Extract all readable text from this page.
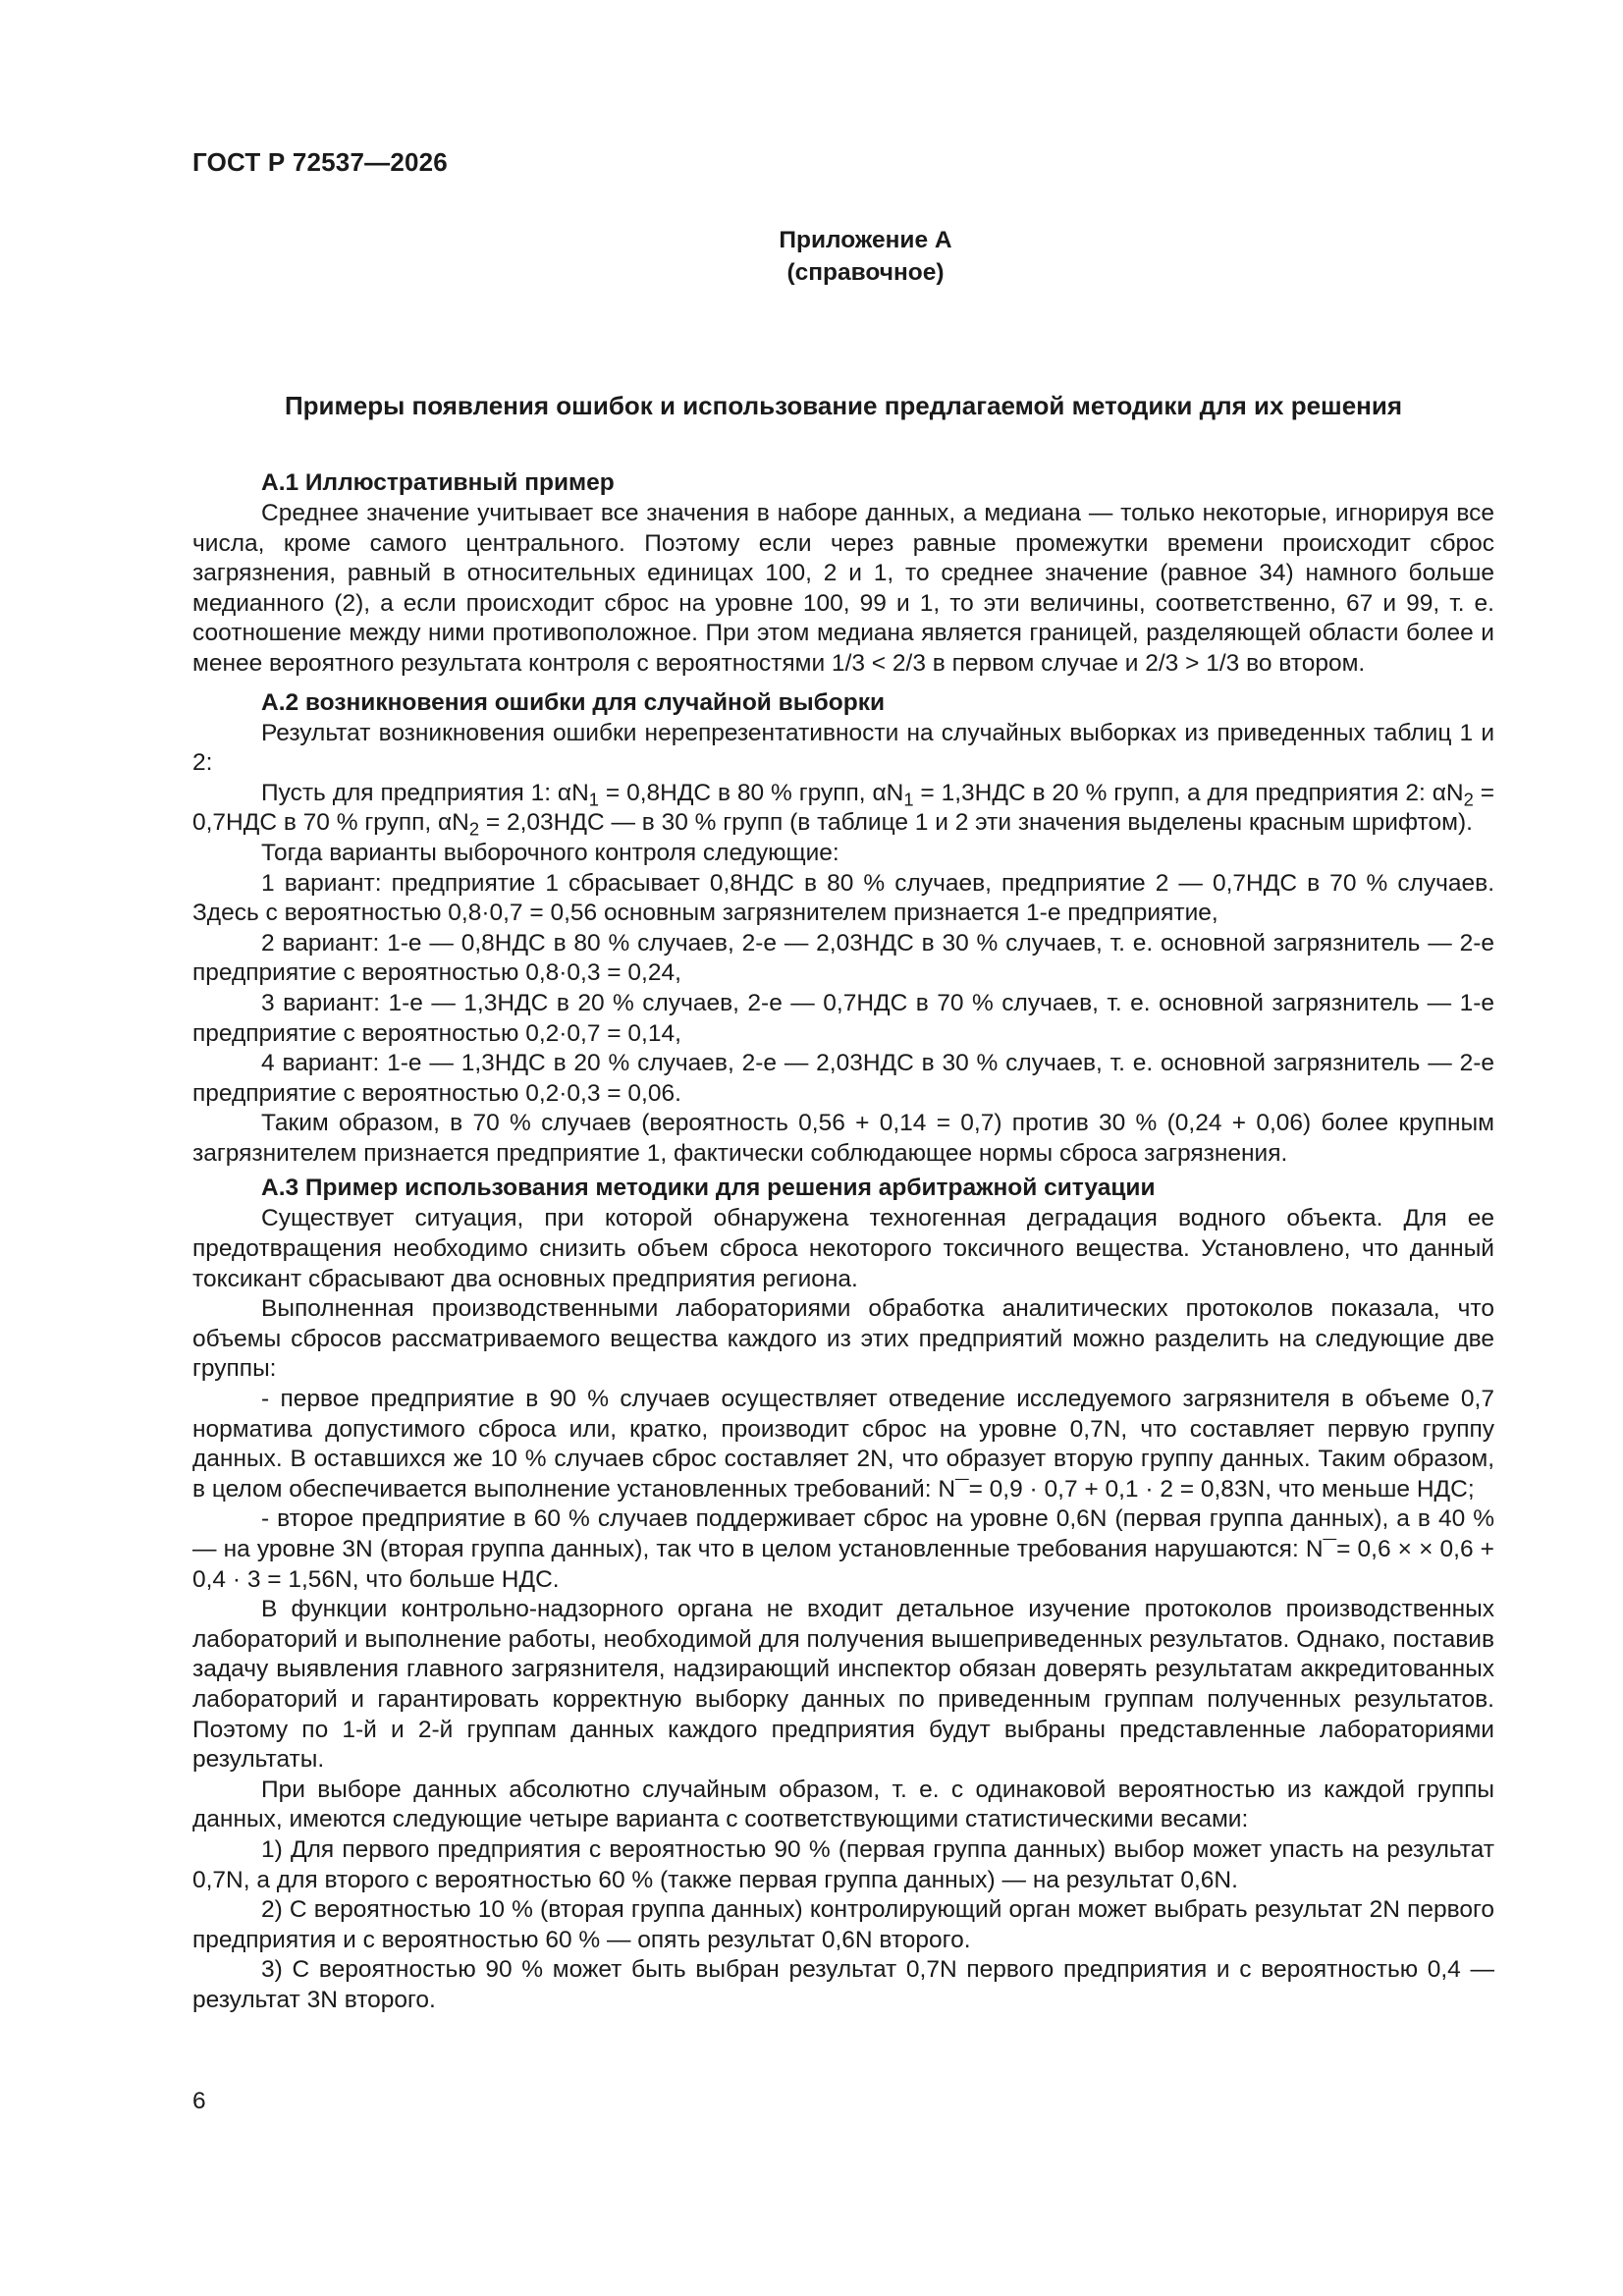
ГОСТ Р 72537—2026
Приложение А
(справочное)
Примеры появления ошибок и использование предлагаемой методики для их решения
А.1 Иллюстративный пример

Среднее значение учитывает все значения в наборе данных, а медиана — только некоторые, игнорируя все числа, кроме самого центрального. Поэтому если через равные промежутки времени происходит сброс загрязнения, равный в относительных единицах 100, 2 и 1, то среднее значение (равное 34) намного больше медианного (2), а если происходит сброс на уровне 100, 99 и 1, то эти величины, соответственно, 67 и 99, т. е. соотношение между ними противоположное. При этом медиана является границей, разделяющей области более и менее вероятного результата контроля с вероятностями 1/3 < 2/3 в первом случае и 2/3 > 1/3 во втором.

А.2 возникновения ошибки для случайной выборки

Результат возникновения ошибки нерепрезентативности на случайных выборках из приведенных таблиц 1 и 2:

Пусть для предприятия 1: $\alpha N_1 = 0,8НДС$ в 80 % групп, $\alpha N_1 = 1,3НДС$ в 20 % групп, а для предприятия 2: $\alpha N_2 = 0,7НДС$ в 70 % групп, $\alpha N_2 = 2,03НДС$ — в 30 % групп (в таблице 1 и 2 эти значения выделены красным шрифтом).

Тогда варианты выборочного контроля следующие:

1 вариант: предприятие 1 сбрасывает 0,8НДС в 80 % случаев, предприятие 2 — 0,7НДС в 70 % случаев. Здесь с вероятностью 0,8·0,7 = 0,56 основным загрязнителем признается 1-е предприятие,

2 вариант: 1-е — 0,8НДС в 80 % случаев, 2-е — 2,03НДС в 30 % случаев, т. е. основной загрязнитель — 2-е предприятие с вероятностью 0,8·0,3 = 0,24,

3 вариант: 1-е — 1,3НДС в 20 % случаев, 2-е — 0,7НДС в 70 % случаев, т. е. основной загрязнитель — 1-е предприятие с вероятностью 0,2·0,7 = 0,14,

4 вариант: 1-е — 1,3НДС в 20 % случаев, 2-е — 2,03НДС в 30 % случаев, т. е. основной загрязнитель — 2-е предприятие с вероятностью 0,2·0,3 = 0,06.

Таким образом, в 70 % случаев (вероятность 0,56 + 0,14 = 0,7) против 30 % (0,24 + 0,06) более крупным загрязнителем признается предприятие 1, фактически соблюдающее нормы сброса загрязнения.

А.3 Пример использования методики для решения арбитражной ситуации

Существует ситуация, при которой обнаружена техногенная деградация водного объекта. Для ее предотвращения необходимо снизить объем сброса некоторого токсичного вещества. Установлено, что данный токсикант сбрасывают два основных предприятия региона.

Выполненная производственными лабораториями обработка аналитических протоколов показала, что объемы сбросов рассматриваемого вещества каждого из этих предприятий можно разделить на следующие две группы:

- первое предприятие в 90 % случаев осуществляет отведение исследуемого загрязнителя в объеме 0,7 норматива допустимого сброса или, кратко, производит сброс на уровне 0,7N, что составляет первую группу данных. В оставшихся же 10 % случаев сброс составляет 2N, что образует вторую группу данных. Таким образом, в целом обеспечивается выполнение установленных требований: N¯= 0,9 · 0,7 + 0,1 · 2 = 0,83N, что меньше НДС;

- второе предприятие в 60 % случаев поддерживает сброс на уровне 0,6N (первая группа данных), а в 40 % — на уровне 3N (вторая группа данных), так что в целом установленные требования нарушаются: N¯= 0,6 × × 0,6 + 0,4 · 3 = 1,56N, что больше НДС.

В функции контрольно-надзорного органа не входит детальное изучение протоколов производственных лабораторий и выполнение работы, необходимой для получения вышеприведенных результатов. Однако, поставив задачу выявления главного загрязнителя, надзирающий инспектор обязан доверять результатам аккредитованных лабораторий и гарантировать корректную выборку данных по приведенным группам полученных результатов. Поэтому по 1-й и 2-й группам данных каждого предприятия будут выбраны представленные лабораториями результаты.

При выборе данных абсолютно случайным образом, т. е. с одинаковой вероятностью из каждой группы данных, имеются следующие четыре варианта с соответствующими статистическими весами:

1) Для первого предприятия с вероятностью 90 % (первая группа данных) выбор может упасть на результат 0,7N, а для второго с вероятностью 60 % (также первая группа данных) — на результат 0,6N.

2) С вероятностью 10 % (вторая группа данных) контролирующий орган может выбрать результат 2N первого предприятия и с вероятностью 60 % — опять результат 0,6N второго.

3) С вероятностью 90 % может быть выбран результат 0,7N первого предприятия и с вероятностью 0,4 — результат 3N второго.

6
